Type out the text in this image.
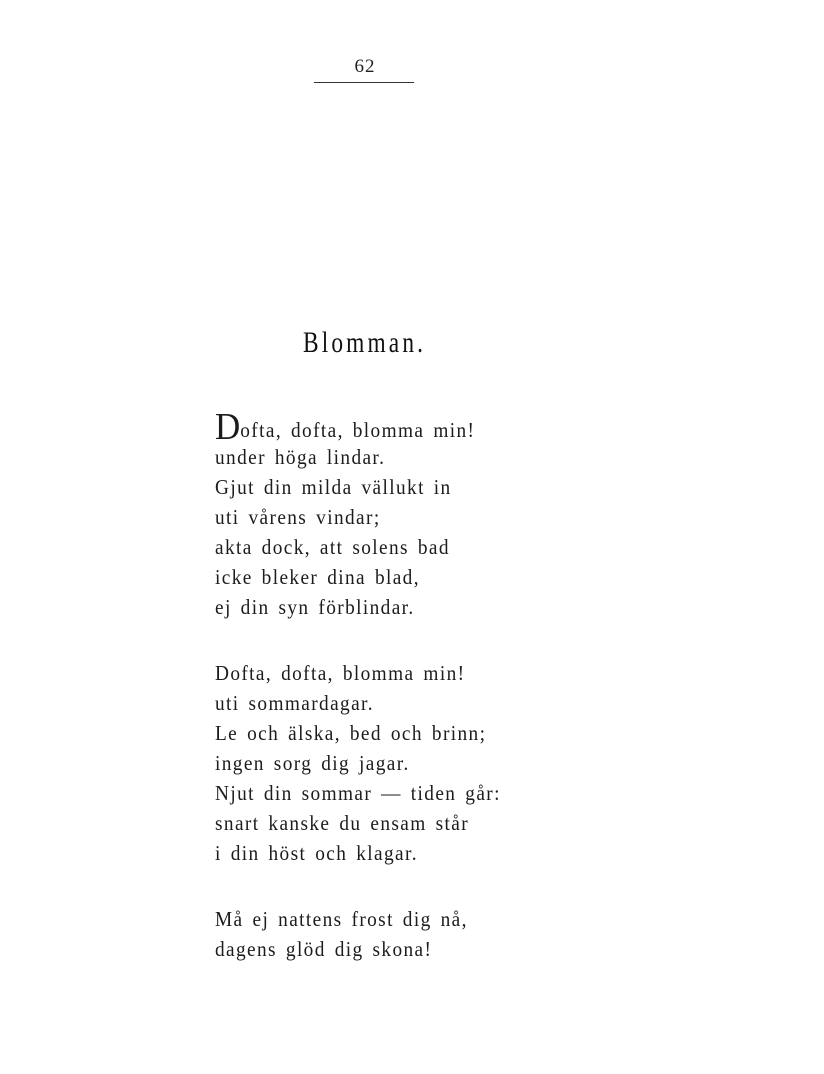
62
Blomman.
Dofta, dofta, blomma min!
under höga lindar.
Gjut din milda vällukt in
uti vårens vindar;
akta dock, att solens bad
icke bleker dina blad,
ej din syn förblindar.
Dofta, dofta, blomma min!
uti sommardagar.
Le och älska, bed och brinn;
ingen sorg dig jagar.
Njut din sommar — tiden går:
snart kanske du ensam står
i din höst och klagar.
Må ej nattens frost dig nå,
dagens glöd dig skona!
